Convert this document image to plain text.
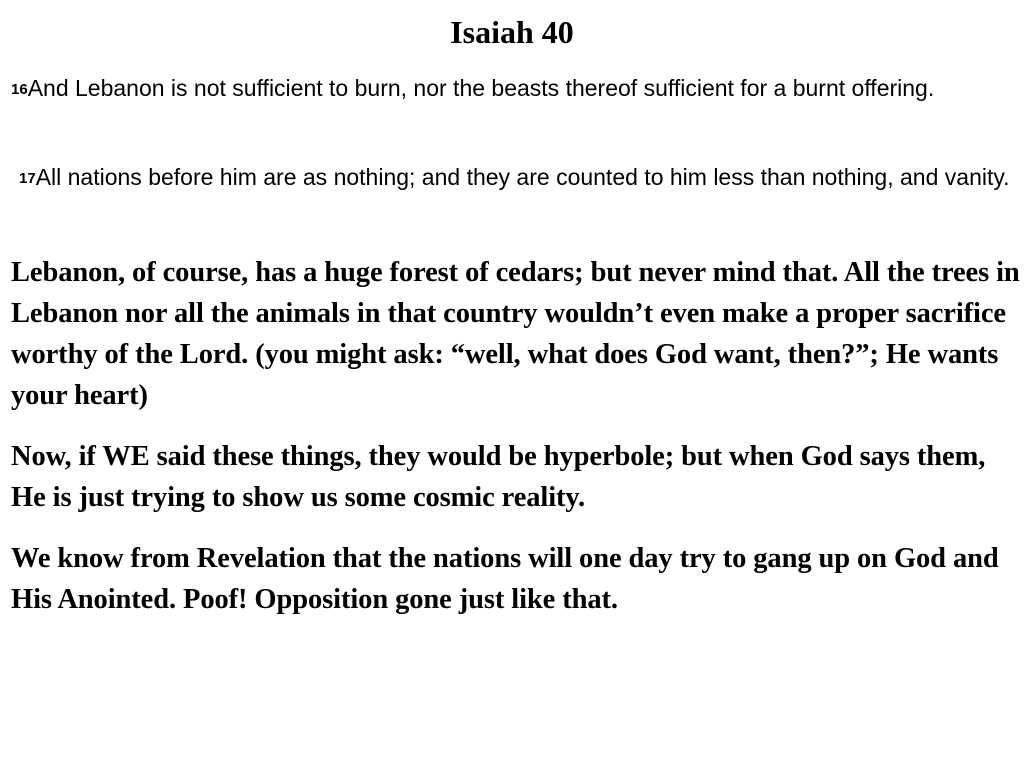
Isaiah 40
$^{16}$And Lebanon is not sufficient to burn, nor the beasts thereof sufficient for a burnt offering.
$^{17}$All nations before him are as nothing; and they are counted to him less than nothing, and vanity.
Lebanon, of course, has a huge forest of cedars; but never mind that. All the trees in Lebanon nor all the animals in that country wouldn’t even make a proper sacrifice worthy of the Lord. (you might ask: “well, what does God want, then?”; He wants your heart)
Now, if WE said these things, they would be hyperbole; but when God says them, He is just trying to show us some cosmic reality.
We know from Revelation that the nations will one day try to gang up on God and His Anointed. Poof! Opposition gone just like that.
